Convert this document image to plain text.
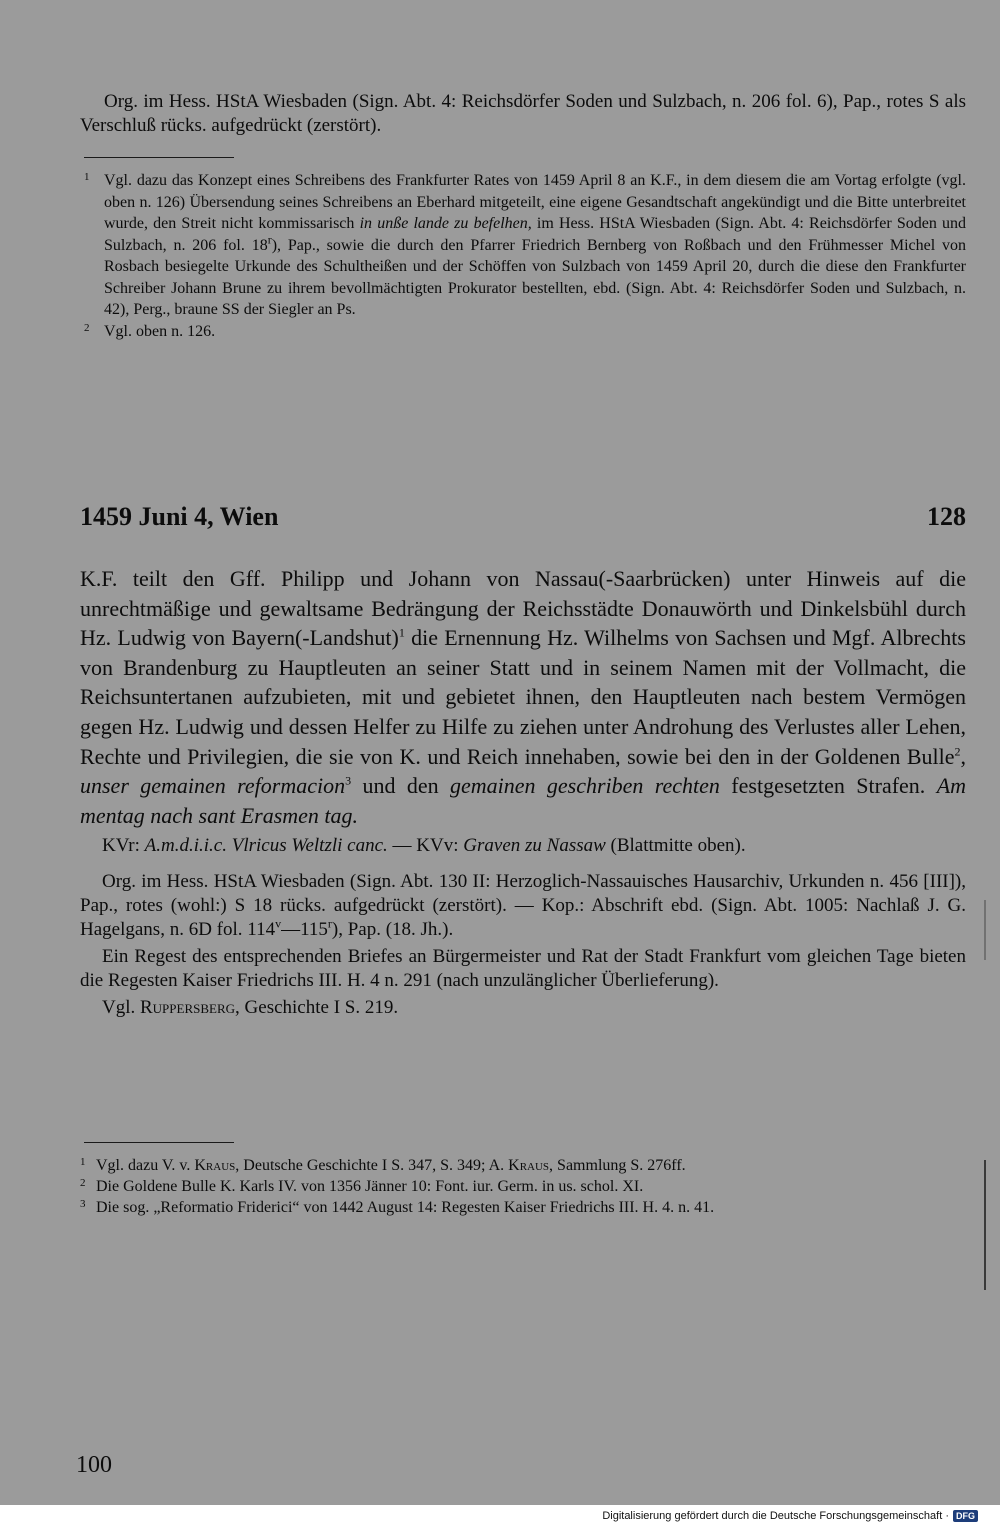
Org. im Hess. HStA Wiesbaden (Sign. Abt. 4: Reichsdörfer Soden und Sulzbach, n. 206 fol. 6), Pap., rotes S als Verschluß rücks. aufgedrückt (zerstört).

1 Vgl. dazu das Konzept eines Schreibens des Frankfurter Rates von 1459 April 8 an K.F., in dem diesem die am Vortag erfolgte (vgl. oben n. 126) Übersendung seines Schreibens an Eberhard mitgeteilt, eine eigene Gesandtschaft angekündigt und die Bitte unterbreitet wurde, den Streit nicht kommissarisch in unße lande zu befelhen, im Hess. HStA Wiesbaden (Sign. Abt. 4: Reichsdörfer Soden und Sulzbach, n. 206 fol. 18$^r$), Pap., sowie die durch den Pfarrer Friedrich Bernberg von Roßbach und den Frühmesser Michel von Rosbach besiegelte Urkunde des Schultheißen und der Schöffen von Sulzbach von 1459 April 20, durch die diese den Frankfurter Schreiber Johann Brune zu ihrem bevollmächtigten Prokurator bestellten, ebd. (Sign. Abt. 4: Reichsdörfer Soden und Sulzbach, n. 42), Perg., braune SS der Siegler an Ps.
2 Vgl. oben n. 126.
1459 Juni 4, Wien	128

K.F. teilt den Gff. Philipp und Johann von Nassau(-Saarbrücken) unter Hinweis auf die unrechtmäßige und gewaltsame Bedrängung der Reichsstädte Donauwörth und Dinkelsbühl durch Hz. Ludwig von Bayern(-Landshut)$^1$ die Ernennung Hz. Wilhelms von Sachsen und Mgf. Albrechts von Brandenburg zu Hauptleuten an seiner Statt und in seinem Namen mit der Vollmacht, die Reichsuntertanen aufzubieten, mit und gebietet ihnen, den Hauptleuten nach bestem Vermögen gegen Hz. Ludwig und dessen Helfer zu Hilfe zu ziehen unter Androhung des Verlustes aller Lehen, Rechte und Privilegien, die sie von K. und Reich innehaben, sowie bei den in der Goldenen Bulle$^2$, unser gemainen reformacion$^3$ und den gemainen geschriben rechten festgesetzten Strafen. Am mentag nach sant Erasmen tag.

KVr: A.m.d.i.i.c. Vlricus Weltzli canc. — KVv: Graven zu Nassaw (Blattmitte oben).

Org. im Hess. HStA Wiesbaden (Sign. Abt. 130 II: Herzoglich-Nassauisches Hausarchiv, Urkunden n. 456 [III]), Pap., rotes (wohl:) S 18 rücks. aufgedrückt (zerstört). — Kop.: Abschrift ebd. (Sign. Abt. 1005: Nachlaß J. G. Hagelgans, n. 6D fol. 114$^v$—115$^r$), Pap. (18. Jh.).

Ein Regest des entsprechenden Briefes an Bürgermeister und Rat der Stadt Frankfurt vom gleichen Tage bieten die Regesten Kaiser Friedrichs III. H. 4 n. 291 (nach unzulänglicher Überlieferung).

Vgl. Ruppersberg, Geschichte I S. 219.

1 Vgl. dazu V. v. Kraus, Deutsche Geschichte I S. 347, S. 349; A. Kraus, Sammlung S. 276ff.
2 Die Goldene Bulle K. Karls IV. von 1356 Jänner 10: Font. iur. Germ. in us. schol. XI.
3 Die sog. „Reformatio Friderici“ von 1442 August 14: Regesten Kaiser Friedrichs III. H. 4. n. 41.
100
Digitalisierung gefördert durch die Deutsche Forschungsgemeinschaft · DFG
